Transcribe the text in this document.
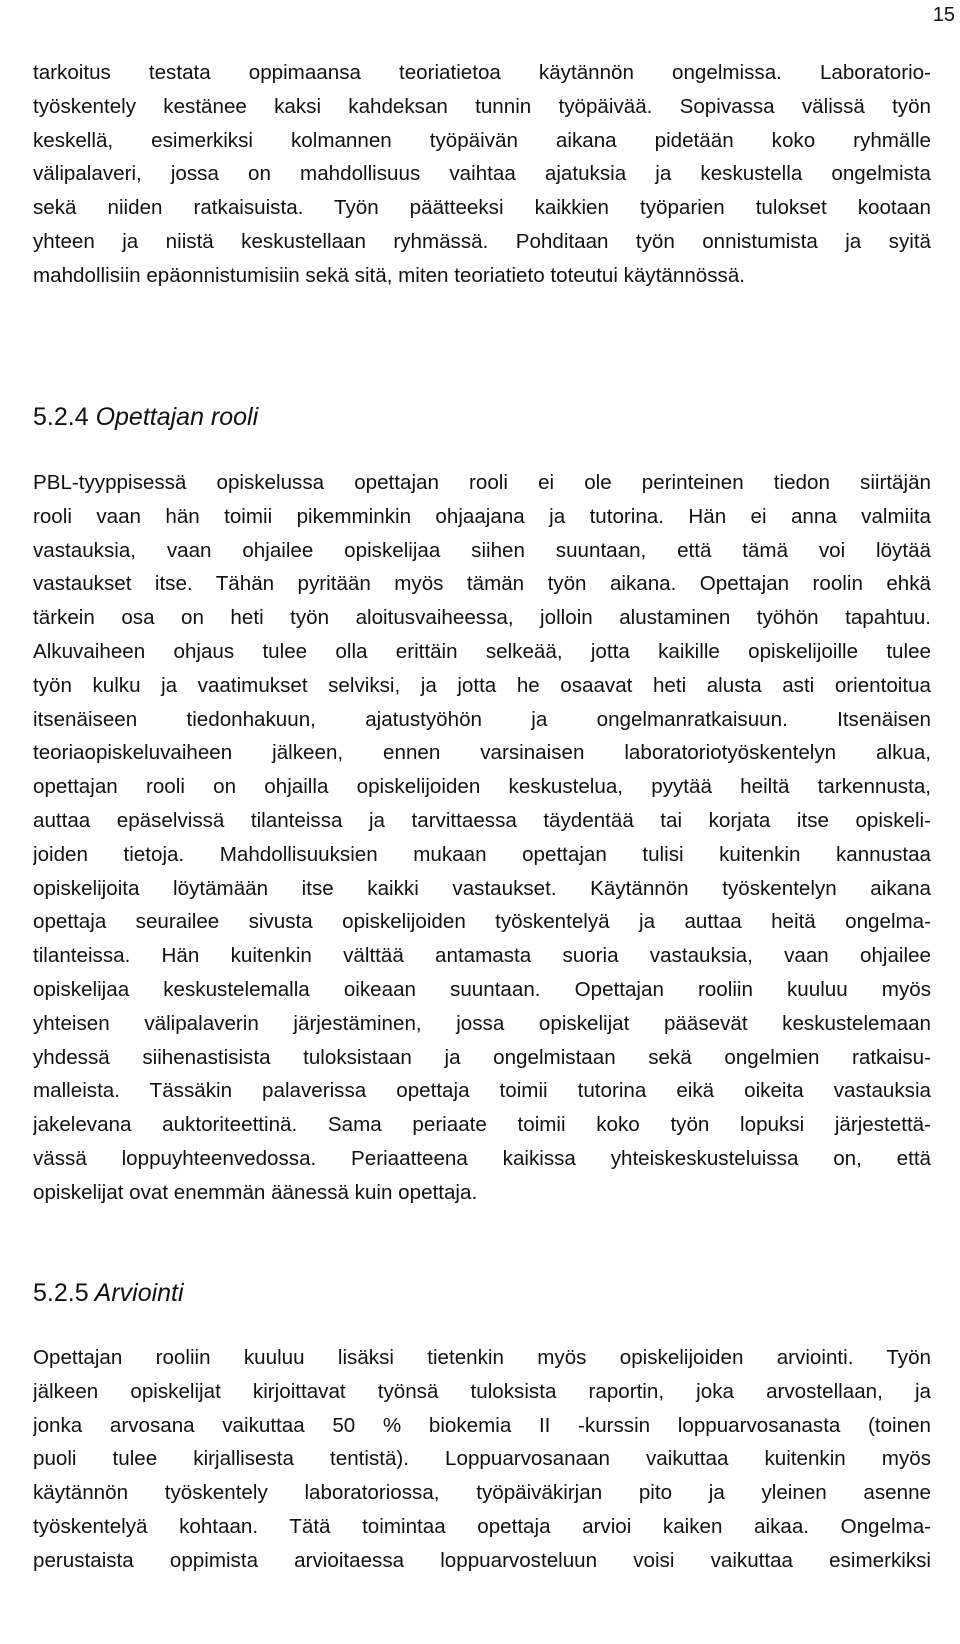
15
tarkoitus testata oppimaansa teoriatietoa käytännön ongelmissa. Laboratorio-
työskentely kestänee kaksi kahdeksan tunnin työpäivää. Sopivassa välissä työn
keskellä, esimerkiksi kolmannen työpäivän aikana pidetään koko ryhmälle
välipalaveri, jossa on mahdollisuus vaihtaa ajatuksia ja keskustella ongelmista
sekä niiden ratkaisuista. Työn päätteeksi kaikkien työparien tulokset kootaan
yhteen ja niistä keskustellaan ryhmässä. Pohditaan työn onnistumista ja syitä
mahdollisiin epäonnistumisiin sekä sitä, miten teoriatieto toteutui käytännössä.
5.2.4 Opettajan rooli
PBL-tyyppisessä opiskelussa opettajan rooli ei ole perinteinen tiedon siirtäjän
rooli vaan hän toimii pikemminkin ohjaajana ja tutorina. Hän ei anna valmiita
vastauksia, vaan ohjailee opiskelijaa siihen suuntaan, että tämä voi löytää
vastaukset itse. Tähän pyritään myös tämän työn aikana. Opettajan roolin ehkä
tärkein osa on heti työn aloitusvaiheessa, jolloin alustaminen työhön tapahtuu.
Alkuvaiheen ohjaus tulee olla erittäin selkeää, jotta kaikille opiskelijoille tulee
työn kulku ja vaatimukset selviksi, ja jotta he osaavat heti alusta asti orientoitua
itsenäiseen tiedonhakuun, ajatustyöhön ja ongelmanratkaisuun. Itsenäisen
teoriaopiskeluvaiheen jälkeen, ennen varsinaisen laboratoriotyöskentelyn alkua,
opettajan rooli on ohjailla opiskelijoiden keskustelua, pyytää heiltä tarkennusta,
auttaa epäselvissä tilanteissa ja tarvittaessa täydentää tai korjata itse opiskeli-
joiden tietoja. Mahdollisuuksien mukaan opettajan tulisi kuitenkin kannustaa
opiskelijoita löytämään itse kaikki vastaukset. Käytännön työskentelyn aikana
opettaja seurailee sivusta opiskelijoiden työskentelyä ja auttaa heitä ongelma-
tilanteissa. Hän kuitenkin välttää antamasta suoria vastauksia, vaan ohjailee
opiskelijaa keskustelemalla oikeaan suuntaan. Opettajan rooliin kuuluu myös
yhteisen välipalaverin järjestäminen, jossa opiskelijat pääsevät keskustelemaan
yhdessä siihenastisista tuloksistaan ja ongelmistaan sekä ongelmien ratkaisu-
malleista. Tässäkin palaverissa opettaja toimii tutorina eikä oikeita vastauksia
jakelevana auktoriteettinä. Sama periaate toimii koko työn lopuksi järjestettä-
vässä loppuyhteenvedossa. Periaatteena kaikissa yhteiskeskusteluissa on, että
opiskelijat ovat enemmän äänessä kuin opettaja.
5.2.5 Arviointi
Opettajan rooliin kuuluu lisäksi tietenkin myös opiskelijoiden arviointi. Työn
jälkeen opiskelijat kirjoittavat työnsä tuloksista raportin, joka arvostellaan, ja
jonka arvosana vaikuttaa 50 % biokemia II -kurssin loppuarvosanasta (toinen
puoli tulee kirjallisesta tentistä). Loppuarvosanaan vaikuttaa kuitenkin myös
käytännön työskentely laboratoriossa, työpäiväkirjan pito ja yleinen asenne
työskentelyä kohtaan. Tätä toimintaa opettaja arvioi kaiken aikaa. Ongelma-
perustaista oppimista arvioitaessa loppuarvosteluun voisi vaikuttaa esimerkiksi
